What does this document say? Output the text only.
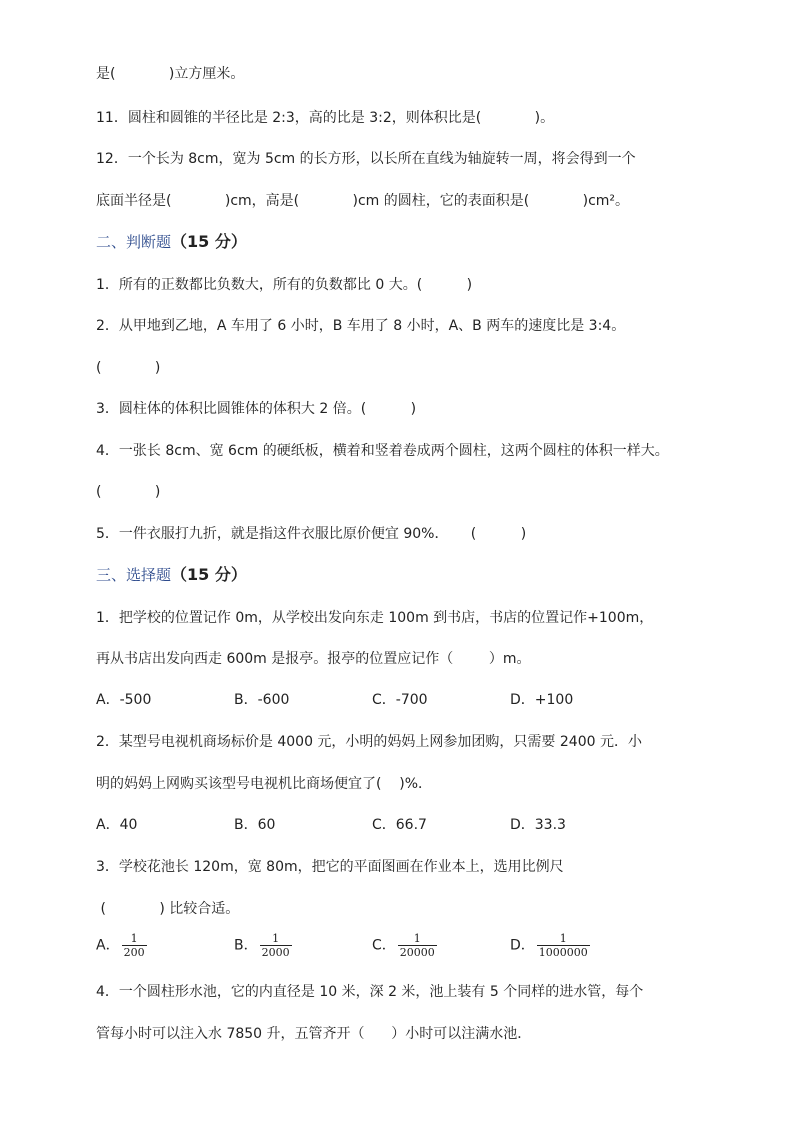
是(            )立方厘米。
11．圆柱和圆锥的半径比是 2:3，高的比是 3:2，则体积比是(            )。
12．一个长为 8cm，宽为 5cm 的长方形，以长所在直线为轴旋转一周，将会得到一个
底面半径是(            )cm，高是(            )cm 的圆柱，它的表面积是(            )cm²。
二、判断题（15 分）
1．所有的正数都比负数大，所有的负数都比 0 大。(          )
2．从甲地到乙地，A 车用了 6 小时，B 车用了 8 小时，A、B 两车的速度比是 3:4。
(            )
3．圆柱体的体积比圆锥体的体积大 2 倍。(          )
4．一张长 8cm、宽 6cm 的硬纸板，横着和竖着卷成两个圆柱，这两个圆柱的体积一样大。
(            )
5．一件衣服打九折，就是指这件衣服比原价便宜 90%．     (          )
三、选择题（15 分）
1．把学校的位置记作 0m，从学校出发向东走 100m 到书店，书店的位置记作+100m，
再从书店出发向西走 600m 是报亭。报亭的位置应记作（        ）m。
A．-500	B．-600	C．-700	D．+100
2．某型号电视机商场标价是 4000 元，小明的妈妈上网参加团购，只需要 2400 元．小
明的妈妈上网购买该型号电视机比商场便宜了(    )%．
A．40	B．60	C．66.7	D．33.3
3．学校花池长 120m，宽 80m，把它的平面图画在作业本上，选用比例尺
(            ) 比较合适。
A． $\frac{1}{200}$	B． $\frac{1}{2000}$	C． $\frac{1}{20000}$	D． $\frac{1}{1000000}$
4．一个圆柱形水池，它的内直径是 10 米，深 2 米，池上装有 5 个同样的进水管，每个
管每小时可以注入水 7850 升，五管齐开（      ）小时可以注满水池．
